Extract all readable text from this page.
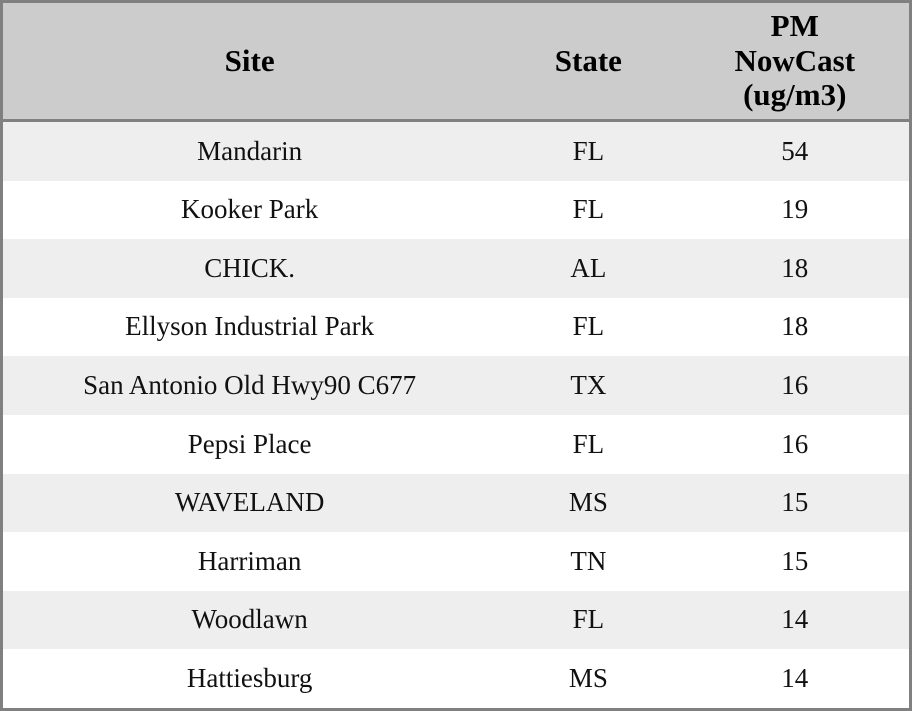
Site	State	PM
NowCast
(ug/m3)

Mandarin	FL	54
Kooker Park	FL	19
CHICK.	AL	18
Ellyson Industrial Park	FL	18
San Antonio Old Hwy90 C677	TX	16
Pepsi Place	FL	16
WAVELAND	MS	15
Harriman	TN	15
Woodlawn	FL	14
Hattiesburg	MS	14
